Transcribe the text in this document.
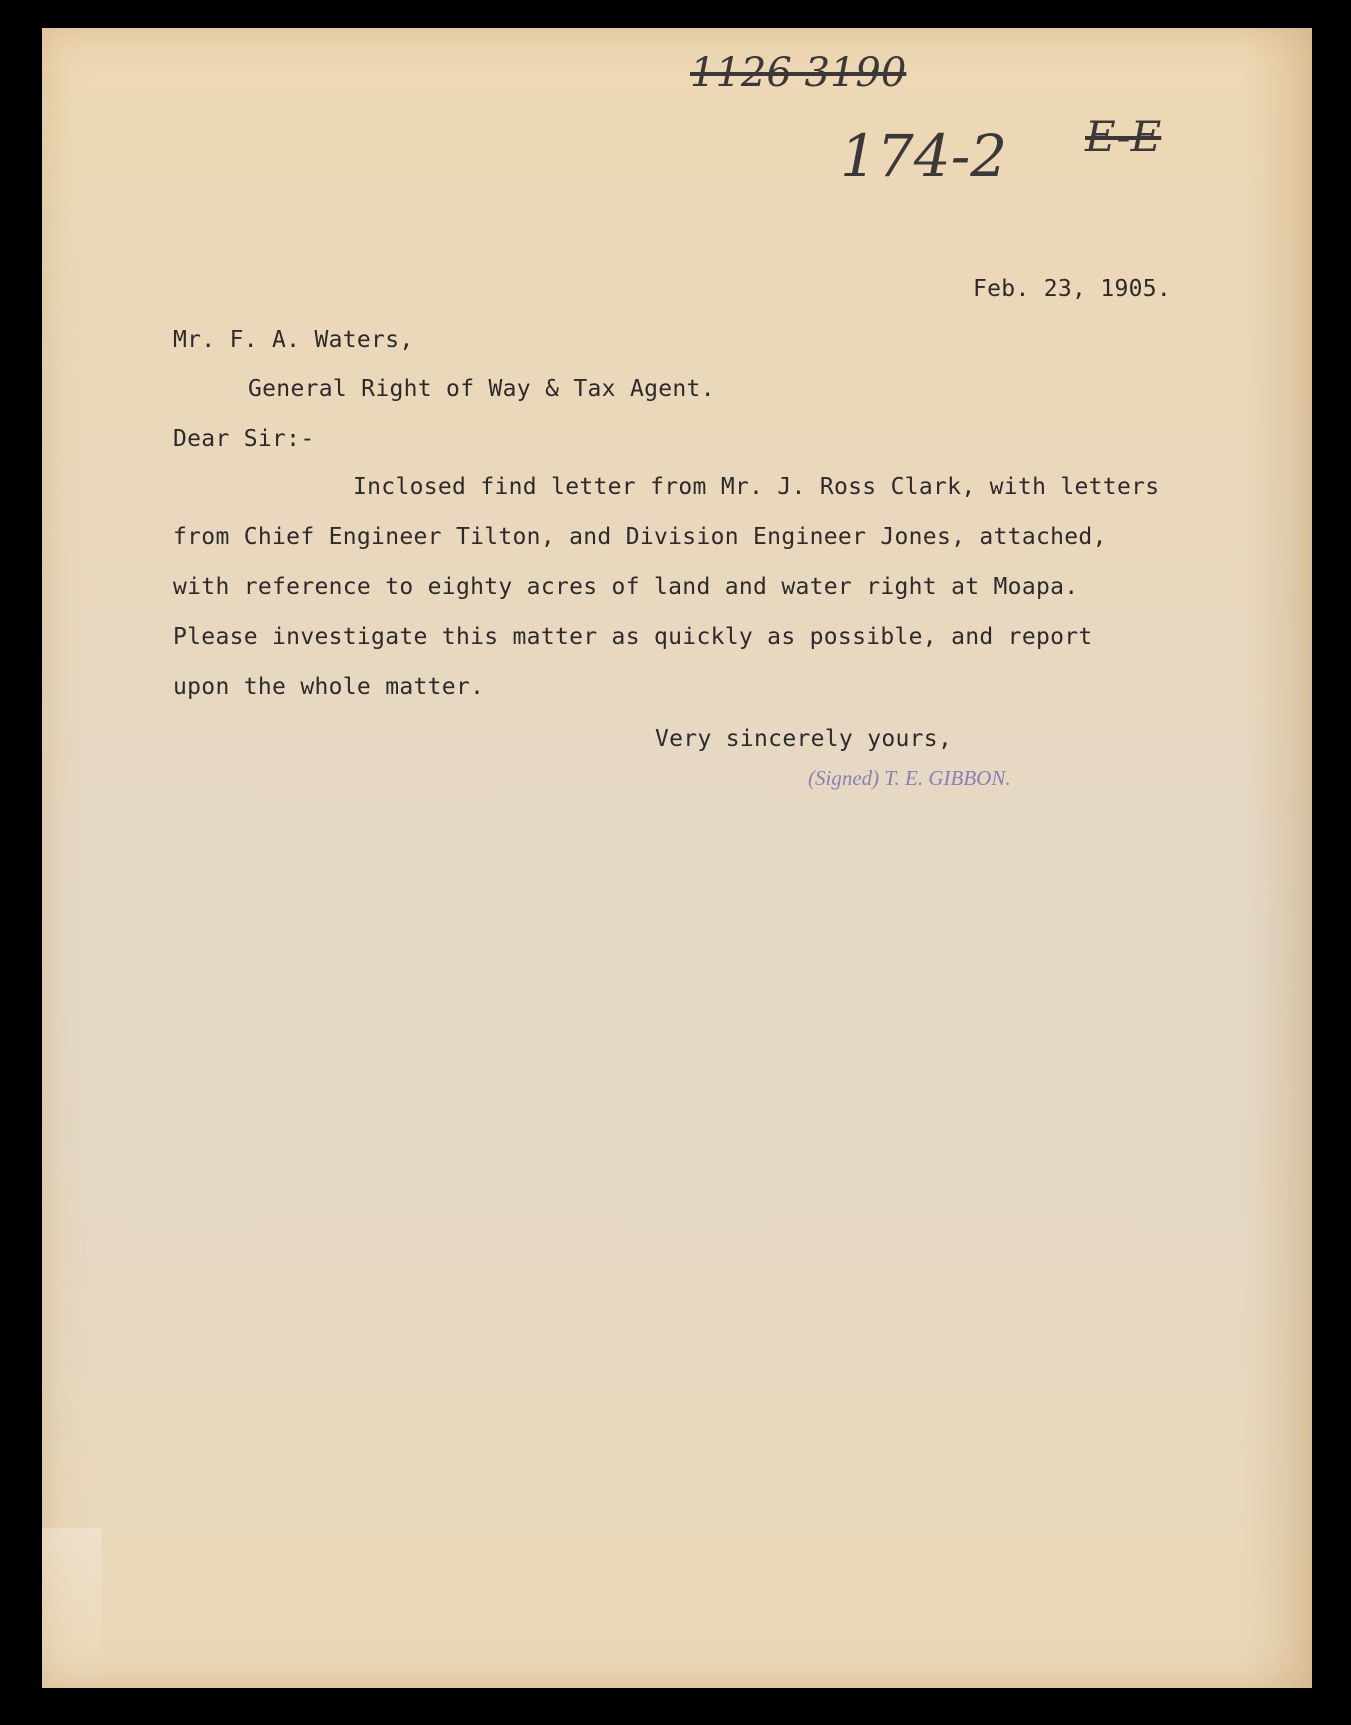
1126 3190
174-2 E-E
Feb. 23, 1905.
Mr. F. A. Waters,
General Right of Way & Tax Agent.
Dear Sir:-
Inclosed find letter from Mr. J. Ross Clark, with letters
from Chief Engineer Tilton, and Division Engineer Jones, attached,
with reference to eighty acres of land and water right at Moapa.
Please investigate this matter as quickly as possible, and report
upon the whole matter.
Very sincerely yours,
(Signed) T. E. GIBBON.
